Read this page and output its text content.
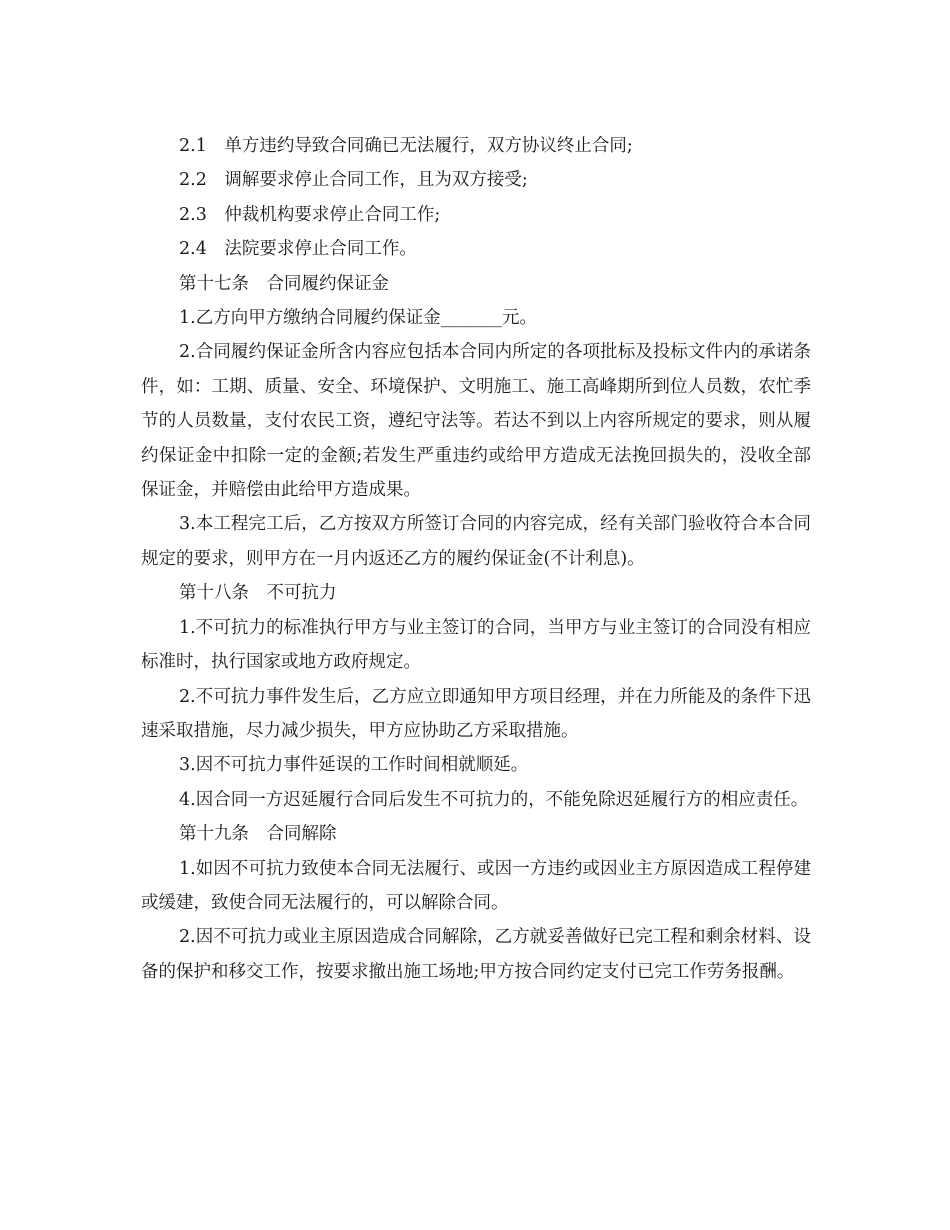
2.1　单方违约导致合同确已无法履行，双方协议终止合同;

2.2　调解要求停止合同工作，且为双方接受;

2.3　仲裁机构要求停止合同工作;

2.4　法院要求停止合同工作。

第十七条　合同履约保证金

1.乙方向甲方缴纳合同履约保证金_______元。

2.合同履约保证金所含内容应包括本合同内所定的各项批标及投标文件内的承诺条件，如：工期、质量、安全、环境保护、文明施工、施工高峰期所到位人员数，农忙季节的人员数量，支付农民工资，遵纪守法等。若达不到以上内容所规定的要求，则从履约保证金中扣除一定的金额;若发生严重违约或给甲方造成无法挽回损失的，没收全部保证金，并赔偿由此给甲方造成果。

3.本工程完工后，乙方按双方所签订合同的内容完成，经有关部门验收符合本合同规定的要求，则甲方在一月内返还乙方的履约保证金(不计利息)。

第十八条　不可抗力

1.不可抗力的标准执行甲方与业主签订的合同，当甲方与业主签订的合同没有相应标准时，执行国家或地方政府规定。

2.不可抗力事件发生后，乙方应立即通知甲方项目经理，并在力所能及的条件下迅速采取措施，尽力减少损失，甲方应协助乙方采取措施。

3.因不可抗力事件延误的工作时间相就顺延。

4.因合同一方迟延履行合同后发生不可抗力的，不能免除迟延履行方的相应责任。

第十九条　合同解除

1.如因不可抗力致使本合同无法履行、或因一方违约或因业主方原因造成工程停建或缓建，致使合同无法履行的，可以解除合同。

2.因不可抗力或业主原因造成合同解除，乙方就妥善做好已完工程和剩余材料、设备的保护和移交工作，按要求撤出施工场地;甲方按合同约定支付已完工作劳务报酬。
